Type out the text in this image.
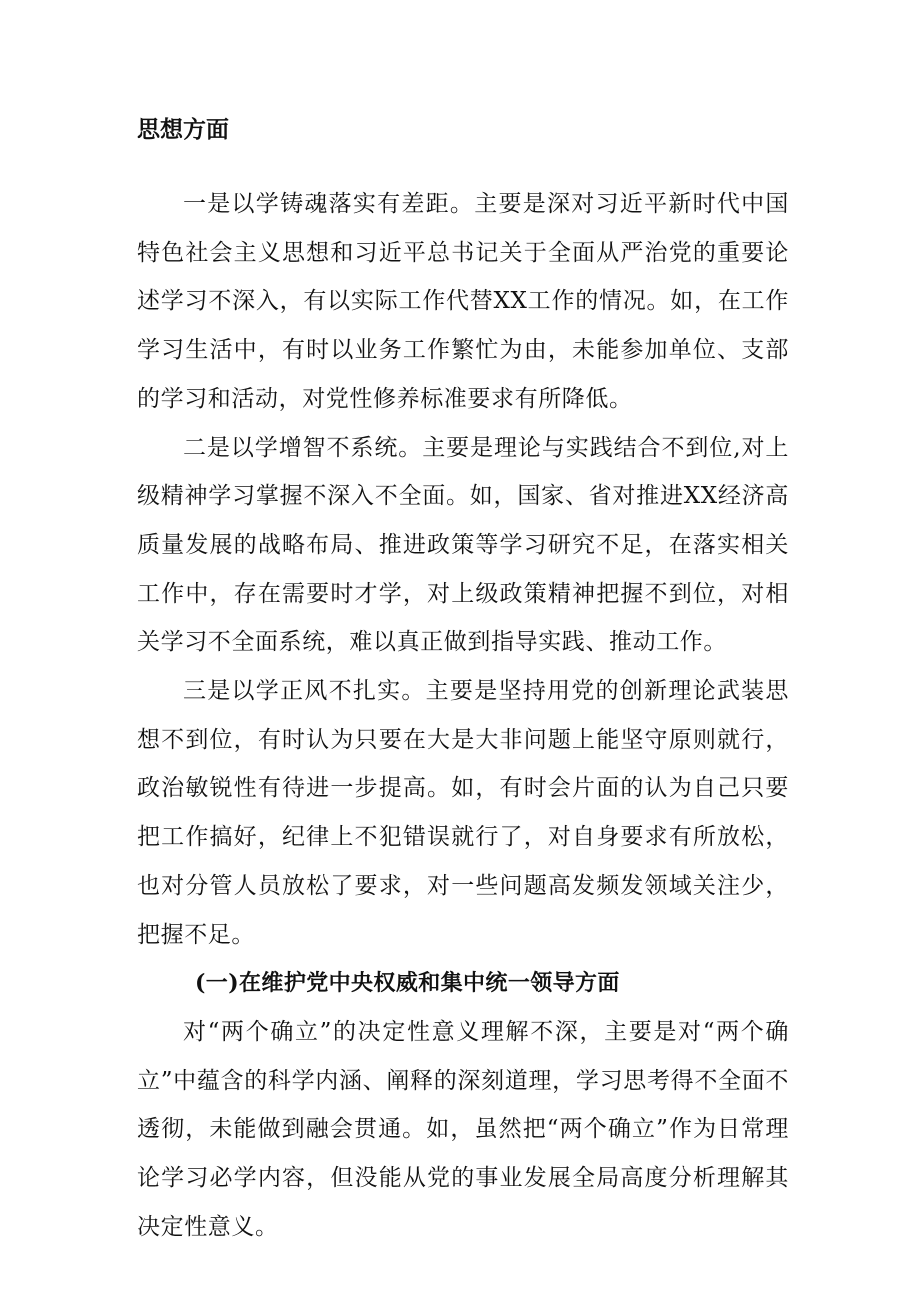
思想方面

一是以学铸魂落实有差距。主要是深对习近平新时代中国特色社会主义思想和习近平总书记关于全面从严治党的重要论述学习不深入，有以实际工作代替XX工作的情况。如，在工作学习生活中，有时以业务工作繁忙为由，未能参加单位、支部的学习和活动，对党性修养标准要求有所降低。

二是以学增智不系统。主要是理论与实践结合不到位,对上级精神学习掌握不深入不全面。如，国家、省对推进XX经济高质量发展的战略布局、推进政策等学习研究不足，在落实相关工作中，存在需要时才学，对上级政策精神把握不到位，对相关学习不全面系统，难以真正做到指导实践、推动工作。

三是以学正风不扎实。主要是坚持用党的创新理论武装思想不到位，有时认为只要在大是大非问题上能坚守原则就行，政治敏锐性有待进一步提高。如，有时会片面的认为自己只要把工作搞好，纪律上不犯错误就行了，对自身要求有所放松，也对分管人员放松了要求，对一些问题高发频发领域关注少，把握不足。

(一)在维护党中央权威和集中统一领导方面

对“两个确立”的决定性意义理解不深，主要是对“两个确立”中蕴含的科学内涵、阐释的深刻道理，学习思考得不全面不透彻，未能做到融会贯通。如，虽然把“两个确立”作为日常理论学习必学内容，但没能从党的事业发展全局高度分析理解其决定性意义。
